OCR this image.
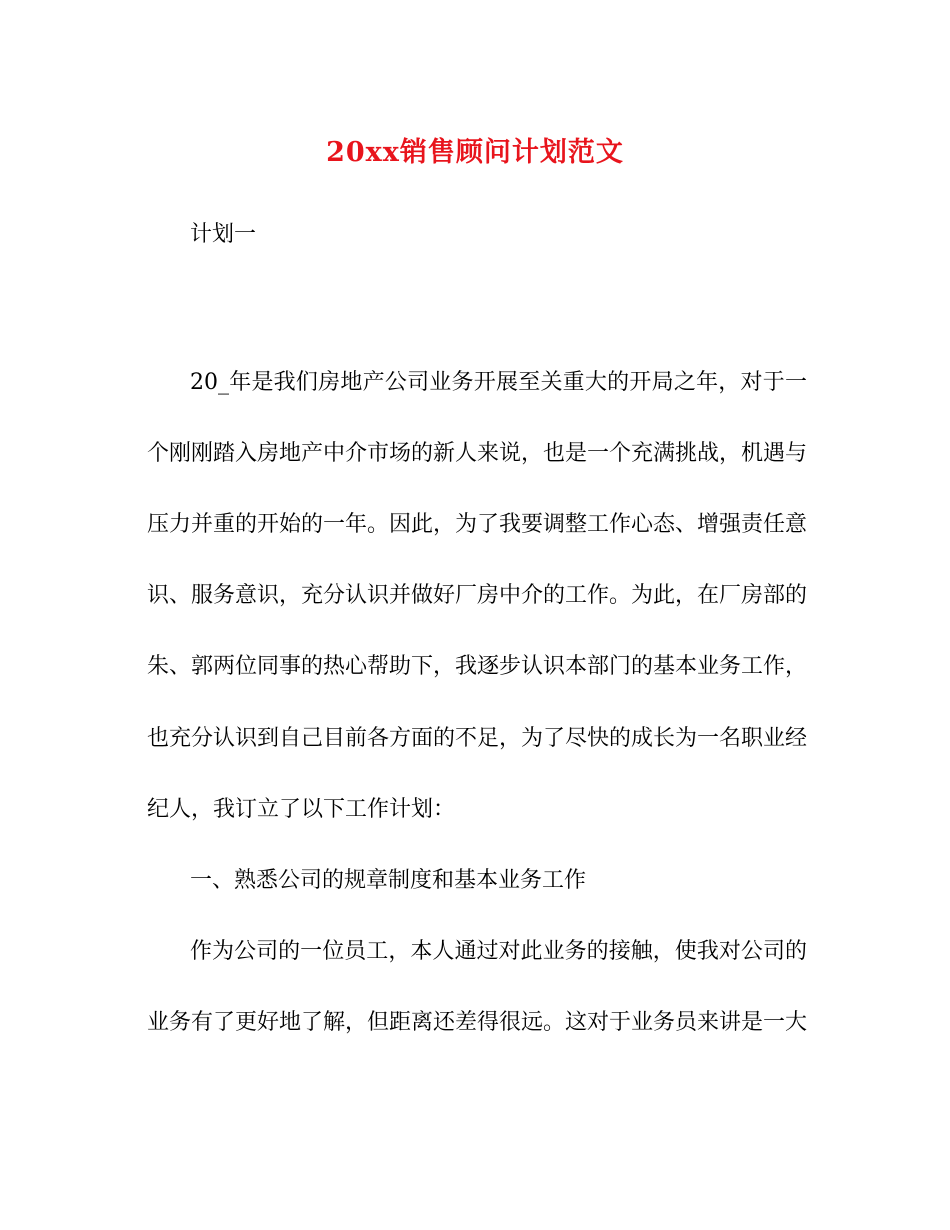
20xx销售顾问计划范文
计划一
20_年是我们房地产公司业务开展至关重大的开局之年，对于一
个刚刚踏入房地产中介市场的新人来说，也是一个充满挑战，机遇与
压力并重的开始的一年。因此，为了我要调整工作心态、增强责任意
识、服务意识，充分认识并做好厂房中介的工作。为此，在厂房部的
朱、郭两位同事的热心帮助下，我逐步认识本部门的基本业务工作，
也充分认识到自己目前各方面的不足，为了尽快的成长为一名职业经
纪人，我订立了以下工作计划：
一、熟悉公司的规章制度和基本业务工作
作为公司的一位员工，本人通过对此业务的接触，使我对公司的
业务有了更好地了解，但距离还差得很远。这对于业务员来讲是一大
